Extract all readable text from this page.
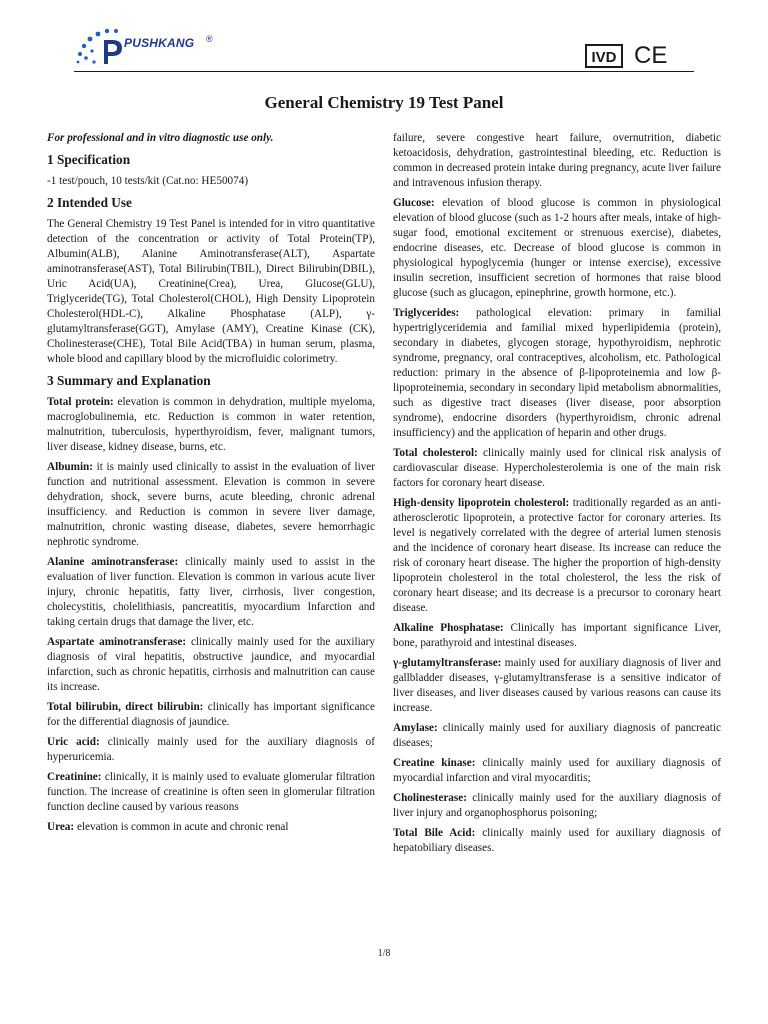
PUSHKANG ®
IVD CE
General Chemistry 19 Test Panel

For professional and in vitro diagnostic use only.

1 Specification

-1 test/pouch, 10 tests/kit (Cat.no: HE50074)

2 Intended Use

The General Chemistry 19 Test Panel is intended for in vitro quantitative detection of the concentration or activity of Total Protein(TP), Albumin(ALB), Alanine Aminotransferase(ALT), Aspartate aminotransferase(AST), Total Bilirubin(TBIL), Direct Bilirubin(DBIL), Uric Acid(UA), Creatinine(Crea), Urea, Glucose(GLU), Triglyceride(TG), Total Cholesterol(CHOL), High Density Lipoprotein Cholesterol(HDL-C), Alkaline Phosphatase (ALP), γ-glutamyltransferase(GGT), Amylase (AMY), Creatine Kinase (CK), Cholinesterase(CHE), Total Bile Acid(TBA) in human serum, plasma, whole blood and capillary blood by the microfluidic colorimetry.

3 Summary and Explanation

Total protein: elevation is common in dehydration, multiple myeloma, macroglobulinemia, etc. Reduction is common in water retention, malnutrition, tuberculosis, hyperthyroidism, fever, malignant tumors, liver disease, kidney disease, burns, etc.

Albumin: it is mainly used clinically to assist in the evaluation of liver function and nutritional assessment. Elevation is common in severe dehydration, shock, severe burns, acute bleeding, chronic adrenal insufficiency. and Reduction is common in severe liver damage, malnutrition, chronic wasting disease, diabetes, severe hemorrhagic nephrotic syndrome.

Alanine aminotransferase: clinically mainly used to assist in the evaluation of liver function. Elevation is common in various acute liver injury, chronic hepatitis, fatty liver, cirrhosis, liver congestion, cholecystitis, cholelithiasis, pancreatitis, myocardium Infarction and taking certain drugs that damage the liver, etc.

Aspartate aminotransferase: clinically mainly used for the auxiliary diagnosis of viral hepatitis, obstructive jaundice, and myocardial infarction, such as chronic hepatitis, cirrhosis and malnutrition can cause its increase.

Total bilirubin, direct bilirubin: clinically has important significance for the differential diagnosis of jaundice.

Uric acid: clinically mainly used for the auxiliary diagnosis of hyperuricemia.

Creatinine: clinically, it is mainly used to evaluate glomerular filtration function. The increase of creatinine is often seen in glomerular filtration function decline caused by various reasons

Urea: elevation is common in acute and chronic renal

failure, severe congestive heart failure, overnutrition, diabetic ketoacidosis, dehydration, gastrointestinal bleeding, etc. Reduction is common in decreased protein intake during pregnancy, acute liver failure and intravenous infusion therapy.

Glucose: elevation of blood glucose is common in physiological elevation of blood glucose (such as 1-2 hours after meals, intake of high-sugar food, emotional excitement or strenuous exercise), diabetes, endocrine diseases, etc. Decrease of blood glucose is common in physiological hypoglycemia (hunger or intense exercise), excessive insulin secretion, insufficient secretion of hormones that raise blood glucose (such as glucagon, epinephrine, growth hormone, etc.).

Triglycerides: pathological elevation: primary in familial hypertriglyceridemia and familial mixed hyperlipidemia (protein), secondary in diabetes, glycogen storage, hypothyroidism, nephrotic syndrome, pregnancy, oral contraceptives, alcoholism, etc. Pathological reduction: primary in the absence of β-lipoproteinemia and low β-lipoproteinemia, secondary in secondary lipid metabolism abnormalities, such as digestive tract diseases (liver disease, poor absorption syndrome), endocrine disorders (hyperthyroidism, chronic adrenal insufficiency) and the application of heparin and other drugs.

Total cholesterol: clinically mainly used for clinical risk analysis of cardiovascular disease. Hypercholesterolemia is one of the main risk factors for coronary heart disease.

High-density lipoprotein cholesterol: traditionally regarded as an anti-atherosclerotic lipoprotein, a protective factor for coronary arteries. Its level is negatively correlated with the degree of arterial lumen stenosis and the incidence of coronary heart disease. Its increase can reduce the risk of coronary heart disease. The higher the proportion of high-density lipoprotein cholesterol in the total cholesterol, the less the risk of coronary heart disease; and its decrease is a precursor to coronary heart disease.

Alkaline Phosphatase: Clinically has important significance Liver, bone, parathyroid and intestinal diseases.

γ-glutamyltransferase: mainly used for auxiliary diagnosis of liver and gallbladder diseases, γ-glutamyltransferase is a sensitive indicator of liver diseases, and liver diseases caused by various reasons can cause its increase.

Amylase: clinically mainly used for auxiliary diagnosis of pancreatic diseases;

Creatine kinase: clinically mainly used for auxiliary diagnosis of myocardial infarction and viral myocarditis;

Cholinesterase: clinically mainly used for the auxiliary diagnosis of liver injury and organophosphorus poisoning;

Total Bile Acid: clinically mainly used for auxiliary diagnosis of hepatobiliary diseases.

1/8
